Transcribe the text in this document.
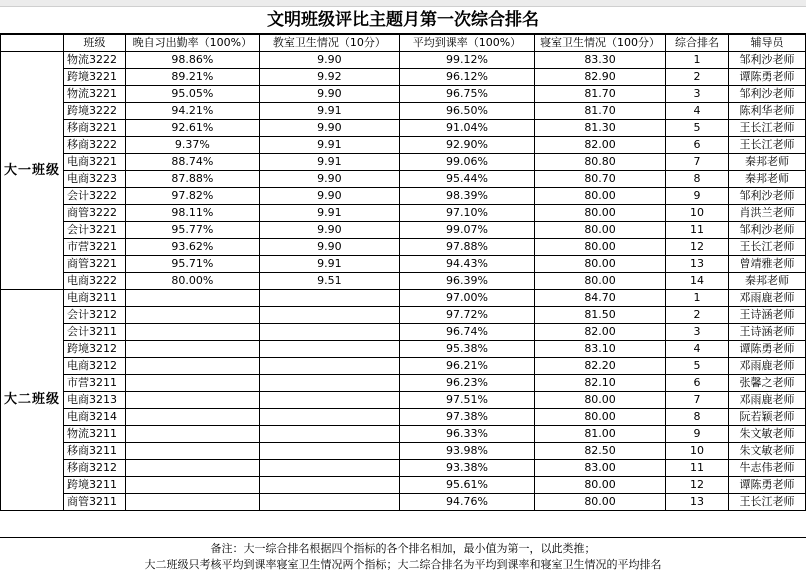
文明班级评比主题月第一次综合排名
	班级	晚自习出勤率（100%）	教室卫生情况（10分）	平均到课率（100%）	寝室卫生情况（100分）	综合排名	辅导员
大一班级	物流3222	98.86%	9.90	99.12%	83.30	1	邹利沙老师
	跨境3221	89.21%	9.92	96.12%	82.90	2	谭陈勇老师
	物流3221	95.05%	9.90	96.75%	81.70	3	邹利沙老师
	跨境3222	94.21%	9.91	96.50%	81.70	4	陈利华老师
	移商3221	92.61%	9.90	91.04%	81.30	5	王长江老师
	移商3222	9.37%	9.91	92.90%	82.00	6	王长江老师
	电商3221	88.74%	9.91	99.06%	80.80	7	秦邦老师
	电商3223	87.88%	9.90	95.44%	80.70	8	秦邦老师
	会计3222	97.82%	9.90	98.39%	80.00	9	邹利沙老师
	商管3222	98.11%	9.91	97.10%	80.00	10	肖洪兰老师
	会计3221	95.77%	9.90	99.07%	80.00	11	邹利沙老师
	市营3221	93.62%	9.90	97.88%	80.00	12	王长江老师
	商管3221	95.71%	9.91	94.43%	80.00	13	曾靖雅老师
	电商3222	80.00%	9.51	96.39%	80.00	14	秦邦老师
大二班级	电商3211			97.00%	84.70	1	邓雨鹿老师
	会计3212			97.72%	81.50	2	王诗涵老师
	会计3211			96.74%	82.00	3	王诗涵老师
	跨境3212			95.38%	83.10	4	谭陈勇老师
	电商3212			96.21%	82.20	5	邓雨鹿老师
	市营3211			96.23%	82.10	6	张馨之老师
	电商3213			97.51%	80.00	7	邓雨鹿老师
	电商3214			97.38%	80.00	8	阮若颖老师
	物流3211			96.33%	81.00	9	朱文敏老师
	移商3211			93.98%	82.50	10	朱文敏老师
	移商3212			93.38%	83.00	11	牛志伟老师
	跨境3211			95.61%	80.00	12	谭陈勇老师
	商管3211			94.76%	80.00	13	王长江老师
备注：大一综合排名根据四个指标的各个排名相加，最小值为第一，以此类推；
大二班级只考核平均到课率寝室卫生情况两个指标；大二综合排名为平均到课率和寝室卫生情况的平均排名
